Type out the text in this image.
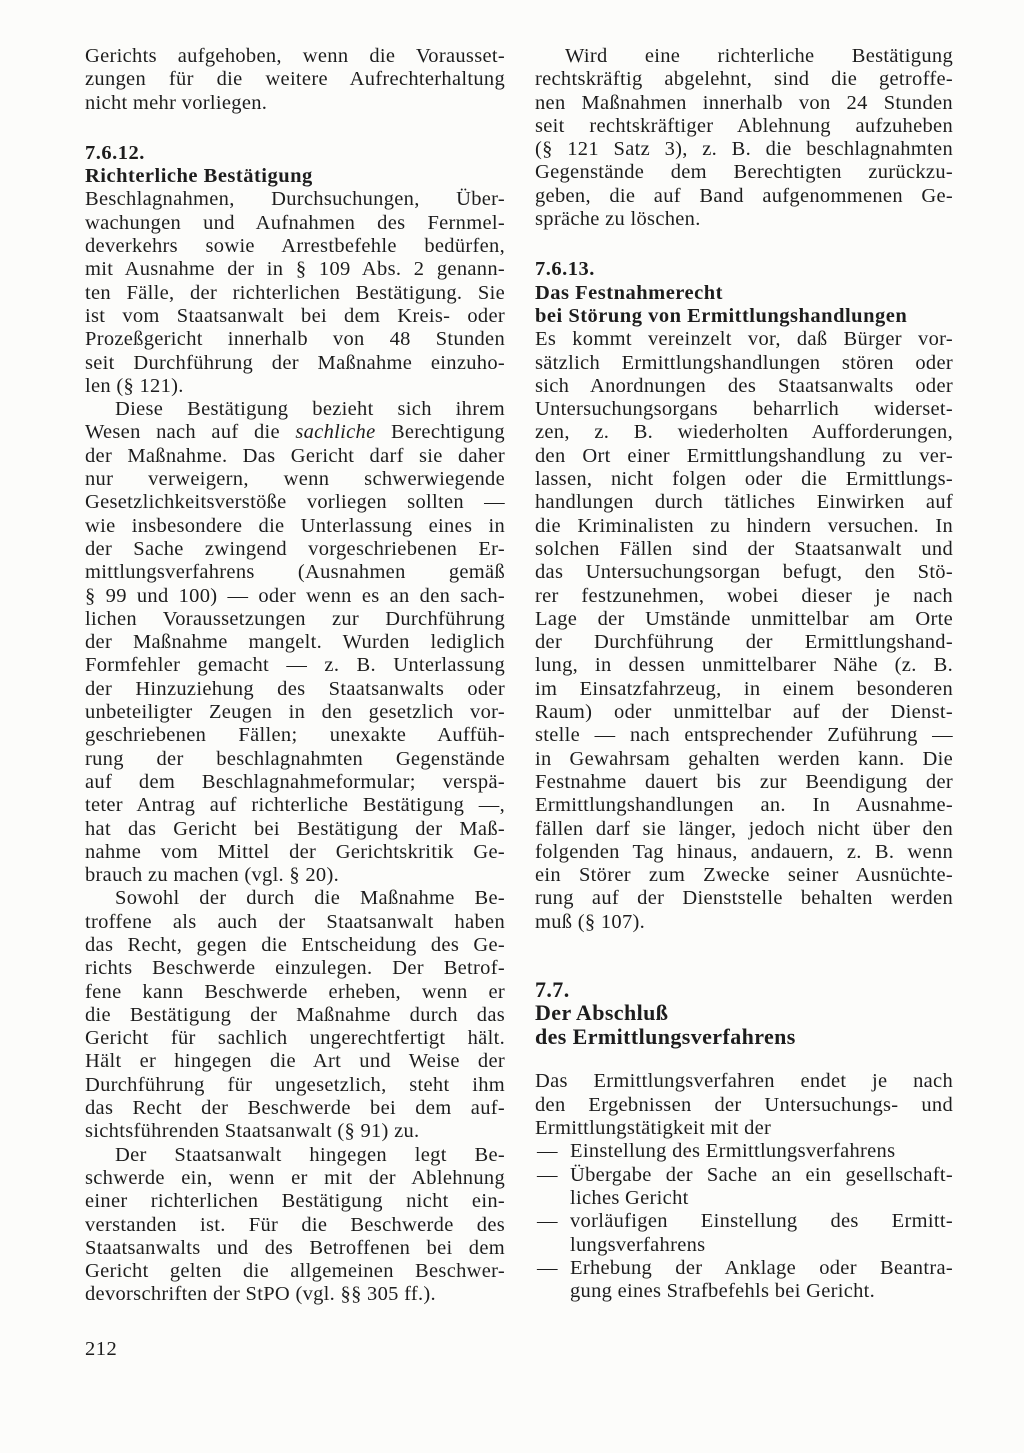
Gerichts aufgehoben, wenn die Vorausset-
zungen für die weitere Aufrechterhaltung
nicht mehr vorliegen.
7.6.12.
Richterliche Bestätigung
Beschlagnahmen, Durchsuchungen, Über-
wachungen und Aufnahmen des Fernmel-
deverkehrs sowie Arrestbefehle bedürfen,
mit Ausnahme der in § 109 Abs. 2 genann-
ten Fälle, der richterlichen Bestätigung. Sie
ist vom Staatsanwalt bei dem Kreis- oder
Prozeßgericht innerhalb von 48 Stunden
seit Durchführung der Maßnahme einzuho-
len (§ 121).
Diese Bestätigung bezieht sich ihrem
Wesen nach auf die sachliche Berechtigung
der Maßnahme. Das Gericht darf sie daher
nur verweigern, wenn schwerwiegende
Gesetzlichkeitsverstöße vorliegen sollten —
wie insbesondere die Unterlassung eines in
der Sache zwingend vorgeschriebenen Er-
mittlungsverfahrens (Ausnahmen gemäß
§ 99 und 100) — oder wenn es an den sach-
lichen Voraussetzungen zur Durchführung
der Maßnahme mangelt. Wurden lediglich
Formfehler gemacht — z. B. Unterlassung
der Hinzuziehung des Staatsanwalts oder
unbeteiligter Zeugen in den gesetzlich vor-
geschriebenen Fällen; unexakte Auffüh-
rung der beschlagnahmten Gegenstände
auf dem Beschlagnahmeformular; verspä-
teter Antrag auf richterliche Bestätigung —,
hat das Gericht bei Bestätigung der Maß-
nahme vom Mittel der Gerichtskritik Ge-
brauch zu machen (vgl. § 20).
Sowohl der durch die Maßnahme Be-
troffene als auch der Staatsanwalt haben
das Recht, gegen die Entscheidung des Ge-
richts Beschwerde einzulegen. Der Betrof-
fene kann Beschwerde erheben, wenn er
die Bestätigung der Maßnahme durch das
Gericht für sachlich ungerechtfertigt hält.
Hält er hingegen die Art und Weise der
Durchführung für ungesetzlich, steht ihm
das Recht der Beschwerde bei dem auf-
sichtsführenden Staatsanwalt (§ 91) zu.
Der Staatsanwalt hingegen legt Be-
schwerde ein, wenn er mit der Ablehnung
einer richterlichen Bestätigung nicht ein-
verstanden ist. Für die Beschwerde des
Staatsanwalts und des Betroffenen bei dem
Gericht gelten die allgemeinen Beschwer-
devorschriften der StPO (vgl. §§ 305 ff.).
Wird eine richterliche Bestätigung
rechtskräftig abgelehnt, sind die getroffe-
nen Maßnahmen innerhalb von 24 Stunden
seit rechtskräftiger Ablehnung aufzuheben
(§ 121 Satz 3), z. B. die beschlagnahmten
Gegenstände dem Berechtigten zurückzu-
geben, die auf Band aufgenommenen Ge-
spräche zu löschen.
7.6.13.
Das Festnahmerecht
bei Störung von Ermittlungshandlungen
Es kommt vereinzelt vor, daß Bürger vor-
sätzlich Ermittlungshandlungen stören oder
sich Anordnungen des Staatsanwalts oder
Untersuchungsorgans beharrlich widerset-
zen, z. B. wiederholten Aufforderungen,
den Ort einer Ermittlungshandlung zu ver-
lassen, nicht folgen oder die Ermittlungs-
handlungen durch tätliches Einwirken auf
die Kriminalisten zu hindern versuchen. In
solchen Fällen sind der Staatsanwalt und
das Untersuchungsorgan befugt, den Stö-
rer festzunehmen, wobei dieser je nach
Lage der Umstände unmittelbar am Orte
der Durchführung der Ermittlungshand-
lung, in dessen unmittelbarer Nähe (z. B.
im Einsatzfahrzeug, in einem besonderen
Raum) oder unmittelbar auf der Dienst-
stelle — nach entsprechender Zuführung —
in Gewahrsam gehalten werden kann. Die
Festnahme dauert bis zur Beendigung der
Ermittlungshandlungen an. In Ausnahme-
fällen darf sie länger, jedoch nicht über den
folgenden Tag hinaus, andauern, z. B. wenn
ein Störer zum Zwecke seiner Ausnüchte-
rung auf der Dienststelle behalten werden
muß (§ 107).
7.7.
Der Abschluß
des Ermittlungsverfahrens
Das Ermittlungsverfahren endet je nach
den Ergebnissen der Untersuchungs- und
Ermittlungstätigkeit mit der
— Einstellung des Ermittlungsverfahrens
— Übergabe der Sache an ein gesellschaft-
liches Gericht
— vorläufigen Einstellung des Ermitt-
lungsverfahrens
— Erhebung der Anklage oder Beantra-
gung eines Strafbefehls bei Gericht.
212
